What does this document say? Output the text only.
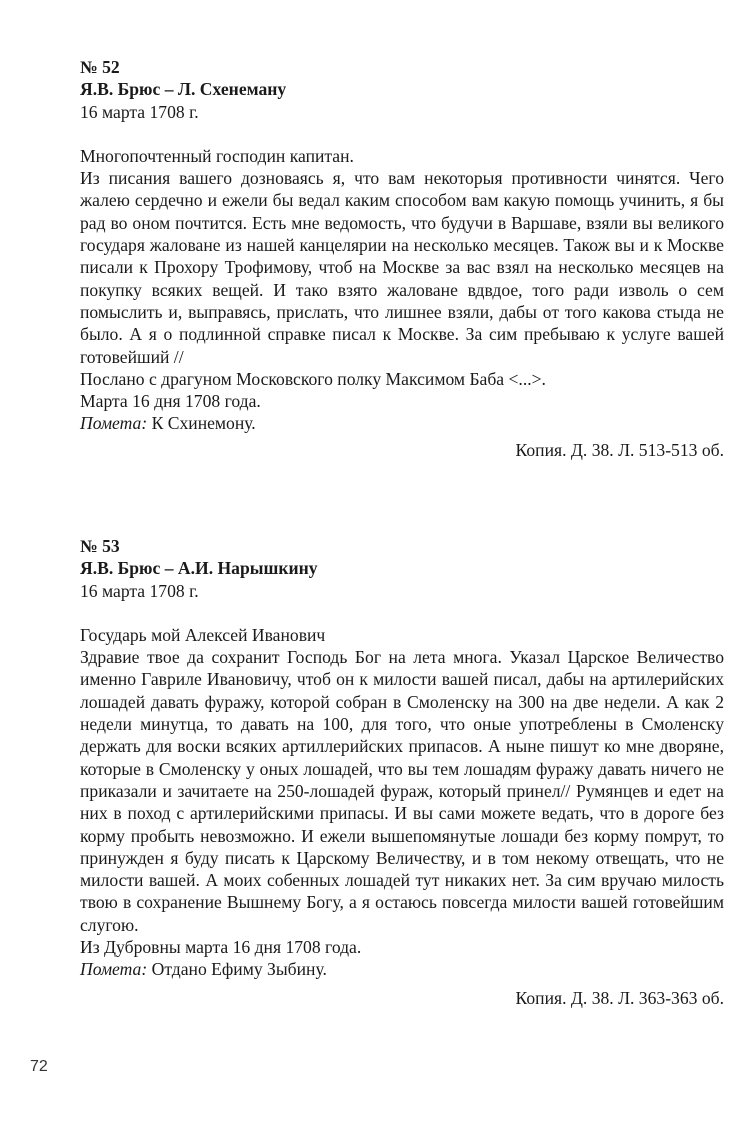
№ 52
Я.В. Брюс – Л. Схенеману
16 марта 1708 г.
Многопочтенный господин капитан.
Из писания вашего дозноваясь я, что вам некоторыя противности чинятся. Чего жалею сердечно и ежели бы ведал каким способом вам какую помощь учинить, я бы рад во оном почтится. Есть мне ведомость, что будучи в Варшаве, взяли вы великого государя жаловане из нашей канцелярии на несколько месяцев. Також вы и к Москве писали к Прохору Трофимову, чтоб на Москве за вас взял на несколько месяцев на покупку всяких вещей. И тако взято жалованe вдвдое, того ради изволь о сем помыслить и, выправясь, прислать, что лишнее взяли, дабы от того какова стыда не было. А я о подлинной справке писал к Москве. За сим пребываю к услуге вашей готовейший //
Послано с драгуном Московского полку Максимом Баба <...>.
Марта 16 дня 1708 года.
Помета: К Схинемону.
Копия. Д. 38. Л. 513-513 об.
№ 53
Я.В. Брюс – А.И. Нарышкину
16 марта 1708 г.
Государь мой Алексей Иванович
Здравие твое да сохранит Господь Бог на лета многа. Указал Царское Величество именно Гавриле Ивановичу, чтоб он к милости вашей писал, дабы на артилерийских лошадей давать фуражу, которой собран в Смоленску на 300 на две недели. А как 2 недели минутца, то давать на 100, для того, что оные употреблены в Смоленску держать для воски всяких артиллерийских припасов. А ныне пишут ко мне дворяне, которые в Смоленску у оных лошадей, что вы тем лошадям фуражу давать ничего не приказали и зачитаете на 250-лошадей фураж, который принел// Румянцев и едет на них в поход с артилерийскими припасы. И вы сами можете ведать, что в дороге без корму пробыть невозможно. И ежели вышепомянутые лошади без корму помрут, то принужден я буду писать к Царскому Величеству, и в том некому отвещать, что не милости вашей. А моих собенных лошадей тут никаких нет. За сим вручаю милость твою в сохранение Вышнему Богу, а я остаюсь повсегда милости вашей готовейшим слугою.
Из Дубровны марта 16 дня 1708 года.
Помета: Отдано Ефиму Зыбину.
Копия. Д. 38. Л. 363-363 об.
72
